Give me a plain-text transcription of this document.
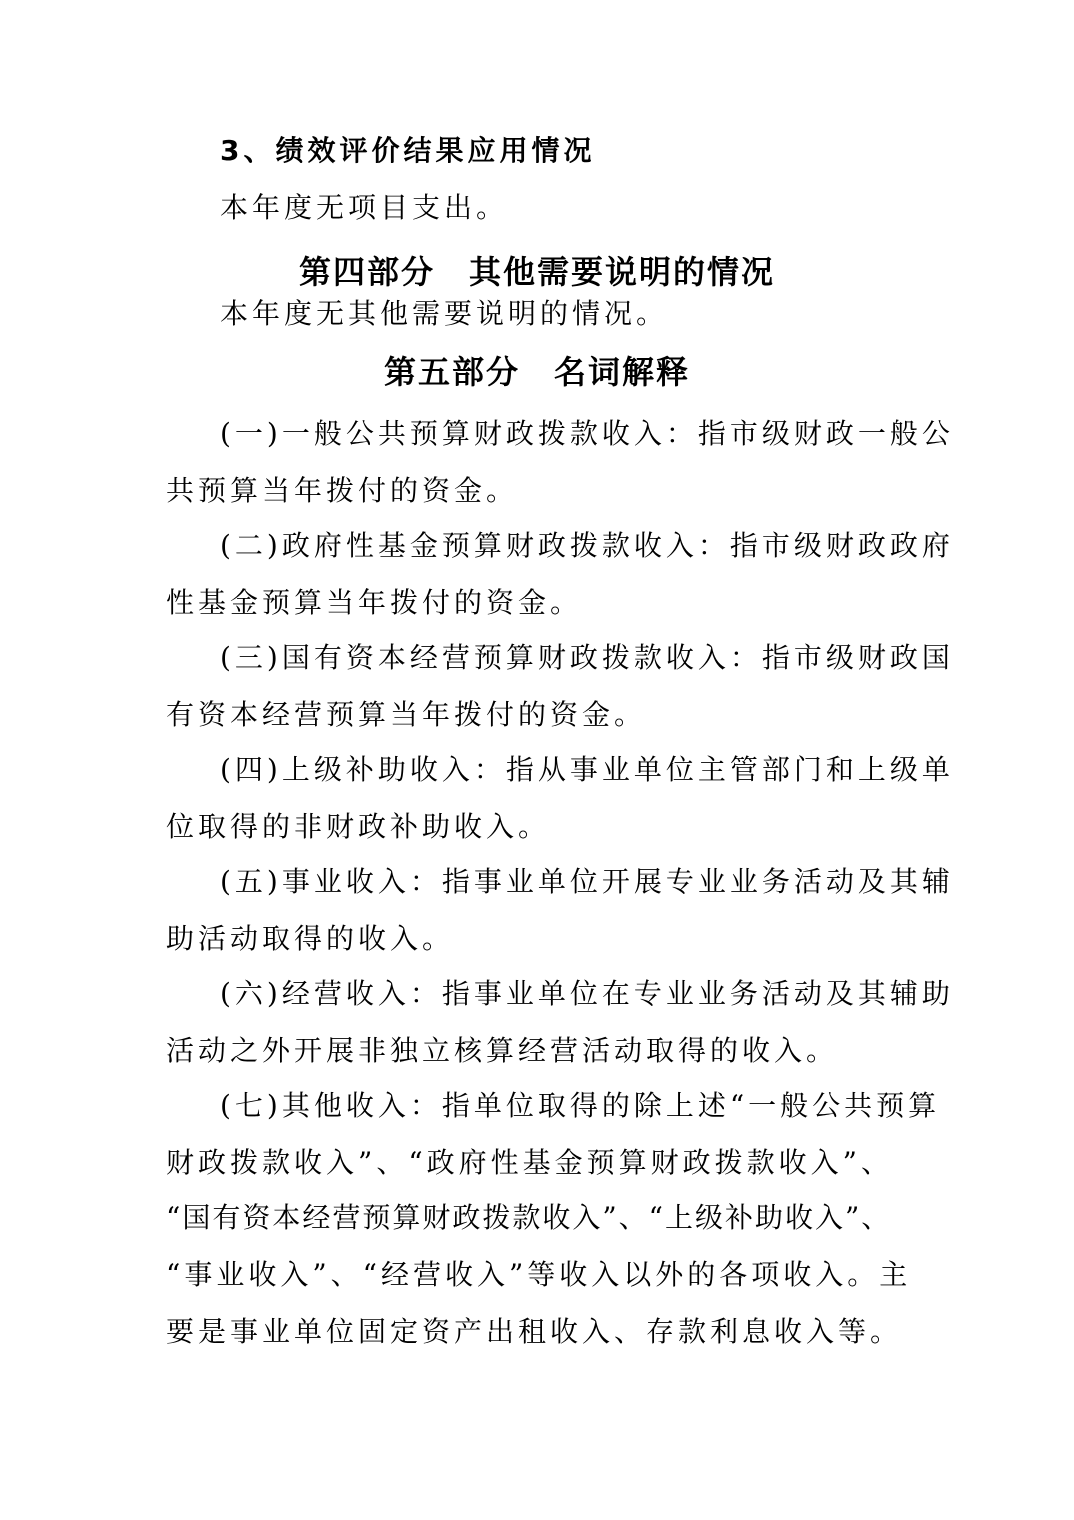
3、绩效评价结果应用情况
本年度无项目支出。
第四部分　其他需要说明的情况
本年度无其他需要说明的情况。
第五部分　名词解释
(一)一般公共预算财政拨款收入：指市级财政一般公
共预算当年拨付的资金。
(二)政府性基金预算财政拨款收入：指市级财政政府
性基金预算当年拨付的资金。
(三)国有资本经营预算财政拨款收入：指市级财政国
有资本经营预算当年拨付的资金。
(四)上级补助收入：指从事业单位主管部门和上级单
位取得的非财政补助收入。
(五)事业收入：指事业单位开展专业业务活动及其辅
助活动取得的收入。
(六)经营收入：指事业单位在专业业务活动及其辅助
活动之外开展非独立核算经营活动取得的收入。
(七)其他收入：指单位取得的除上述“一般公共预算
财政拨款收入”、“政府性基金预算财政拨款收入”、
“国有资本经营预算财政拨款收入”、“上级补助收入”、
“事业收入”、“经营收入”等收入以外的各项收入。主
要是事业单位固定资产出租收入、存款利息收入等。
